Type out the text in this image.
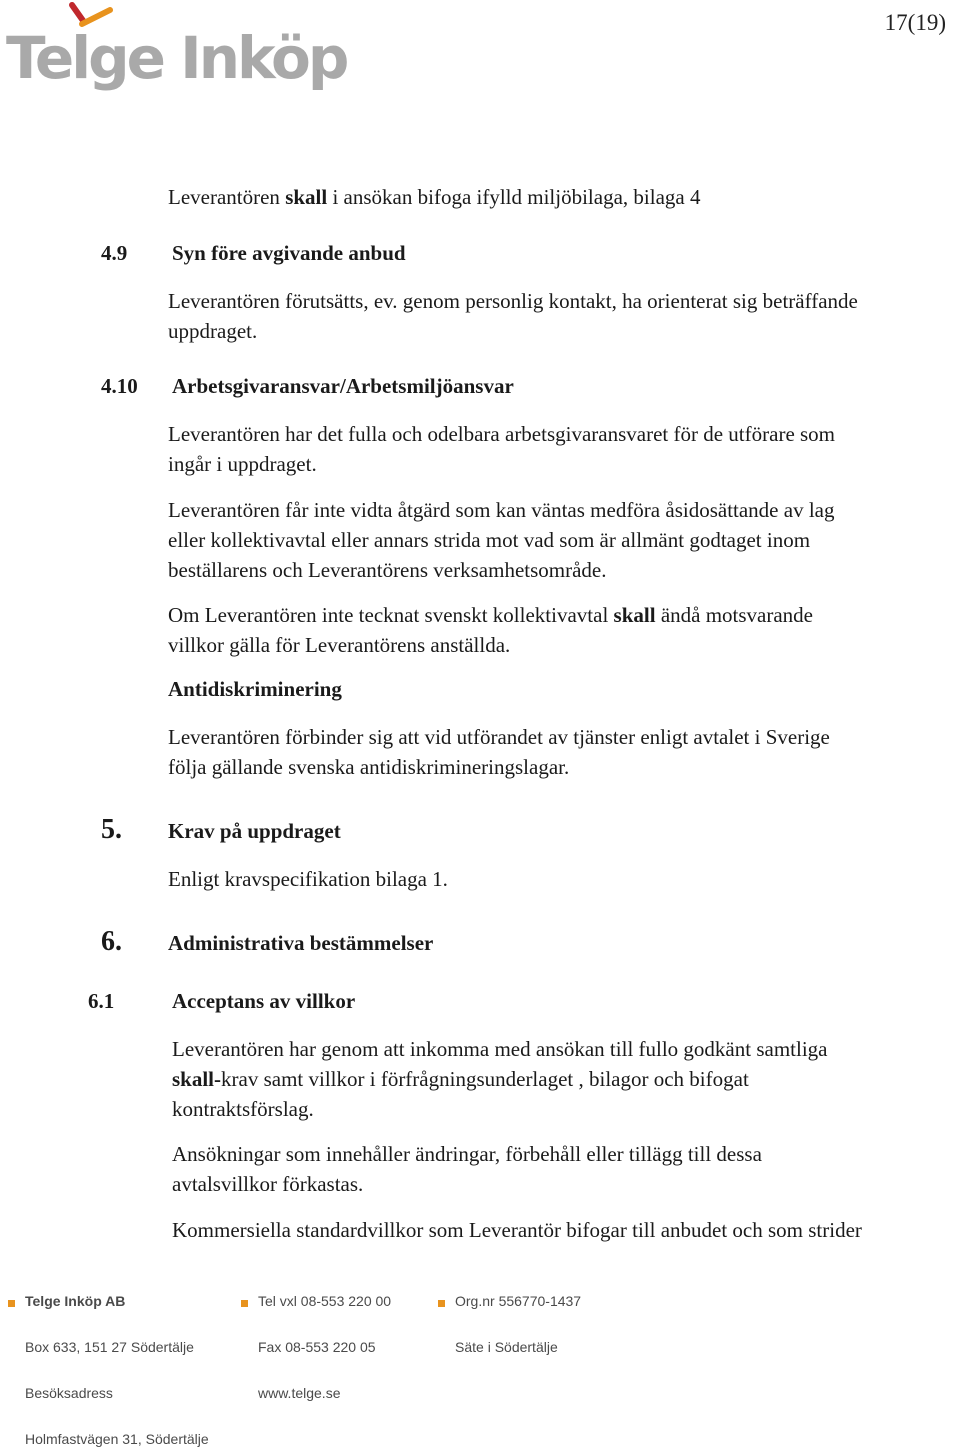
Telge Inköp
17(19)
Leverantören skall i ansökan bifoga ifylld miljöbilaga, bilaga 4
4.9 Syn före avgivande anbud
Leverantören förutsätts, ev. genom personlig kontakt, ha orienterat sig beträffande
uppdraget.
4.10 Arbetsgivaransvar/Arbetsmiljöansvar
Leverantören har det fulla och odelbara arbetsgivaransvaret för de utförare som
ingår i uppdraget.
Leverantören får inte vidta åtgärd som kan väntas medföra åsidosättande av lag
eller kollektivavtal eller annars strida mot vad som är allmänt godtaget inom
beställarens och Leverantörens verksamhetsområde.
Om Leverantören inte tecknat svenskt kollektivavtal skall ändå motsvarande
villkor gälla för Leverantörens anställda.
Antidiskriminering
Leverantören förbinder sig att vid utförandet av tjänster enligt avtalet i Sverige
följa gällande svenska antidiskrimineringslagar.
5. Krav på uppdraget
Enligt kravspecifikation bilaga 1.
6. Administrativa bestämmelser
6.1	Acceptans av villkor
Leverantören har genom att inkomma med ansökan till fullo godkänt samtliga
skall-krav samt villkor i förfrågningsunderlaget , bilagor och bifogat
kontraktsförslag.
Ansökningar som innehåller ändringar, förbehåll eller tillägg till dessa
avtalsvillkor förkastas.
Kommersiella standardvillkor som Leverantör bifogar till anbudet och som strider
Telge Inköp AB	Tel vxl 08-553 220 00	Org.nr 556770-1437
Box 633, 151 27 Södertälje	Fax 08-553 220 05	Säte i Södertälje
Besöksadress	www.telge.se
Holmfastvägen 31, Södertälje
